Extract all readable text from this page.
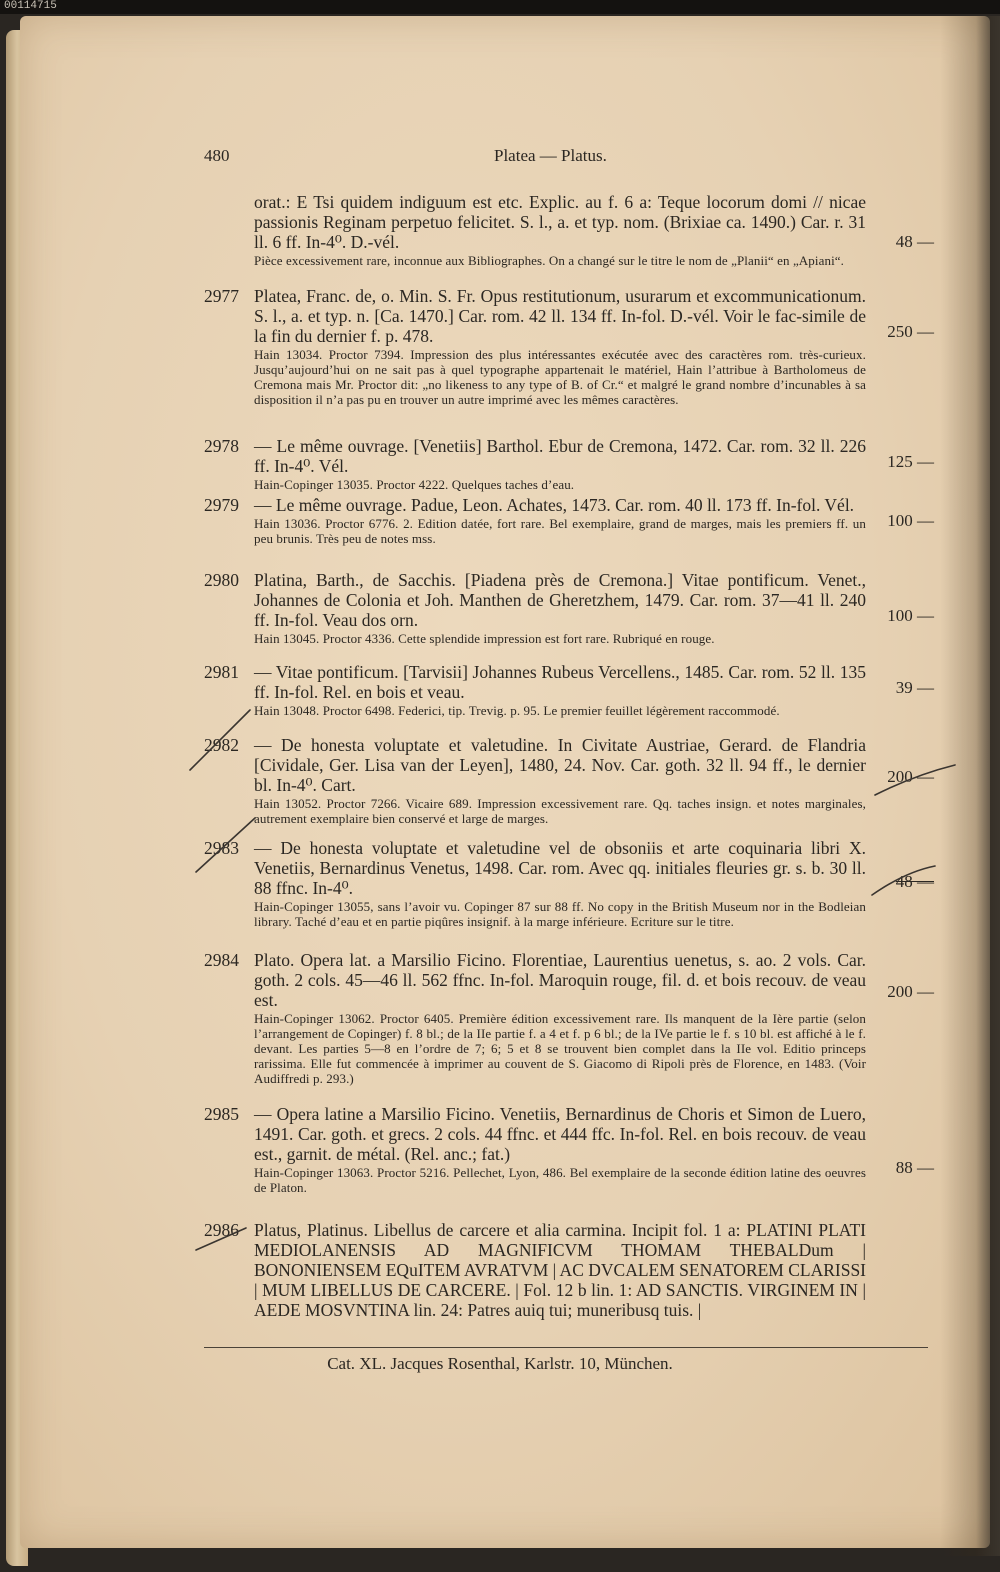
00114715
480	Platea — Platus.

orat.: E Tsi quidem indiguum est etc. Explic. au f. 6 a: Teque locorum domi // nicae passionis Reginam perpetuo felicitet. S. l., a. et typ. nom. (Brixiae ca. 1490.) Car. r. 31 ll. 6 ff. In-4⁰. D.-vél.

Pièce excessivement rare, inconnue aux Bibliographes. On a changé sur le titre le nom de „Planii“ en „Apiani“.

48 —
2977 Platea, Franc. de, o. Min. S. Fr. Opus restitutionum, usurarum et excommunicationum. S. l., a. et typ. n. [Ca. 1470.] Car. rom. 42 ll. 134 ff. In-fol. D.-vél. Voir le fac-simile de la fin du dernier f. p. 478.

Hain 13034. Proctor 7394. Impression des plus intéressantes exécutée avec des caractères rom. très-curieux. Jusqu’aujourd’hui on ne sait pas à quel typographe appartenait le matériel, Hain l’attribue à Bartholomeus de Cremona mais Mr. Proctor dit: „no likeness to any type of B. of Cr.“ et malgré le grand nombre d’incunables à sa disposition il n’a pas pu en trouver un autre imprimé avec les mêmes caractères.

250 —
2978 — Le même ouvrage. [Venetiis] Barthol. Ebur de Cremona, 1472. Car. rom. 32 ll. 226 ff. In-4⁰. Vél.

Hain-Copinger 13035. Proctor 4222. Quelques taches d’eau.

125 —
2979 — Le même ouvrage. Padue, Leon. Achates, 1473. Car. rom. 40 ll. 173 ff. In-fol. Vél.

Hain 13036. Proctor 6776. 2. Edition datée, fort rare. Bel exemplaire, grand de marges, mais les premiers ff. un peu brunis. Très peu de notes mss.

100 —
2980 Platina, Barth., de Sacchis. [Piadena près de Cremona.] Vitae pontificum. Venet., Johannes de Colonia et Joh. Manthen de Gheretzhem, 1479. Car. rom. 37—41 ll. 240 ff. In-fol. Veau dos orn.

Hain 13045. Proctor 4336. Cette splendide impression est fort rare. Rubriqué en rouge.

100 —
2981 — Vitae pontificum. [Tarvisii] Johannes Rubeus Vercellens., 1485. Car. rom. 52 ll. 135 ff. In-fol. Rel. en bois et veau.

Hain 13048. Proctor 6498. Federici, tip. Trevig. p. 95. Le premier feuillet légèrement raccommodé.

39 —
2982 — De honesta voluptate et valetudine. In Civitate Austriae, Gerard. de Flandria [Cividale, Ger. Lisa van der Leyen], 1480, 24. Nov. Car. goth. 32 ll. 94 ff., le dernier bl. In-4⁰. Cart.

Hain 13052. Proctor 7266. Vicaire 689. Impression excessivement rare. Qq. taches insign. et notes marginales, autrement exemplaire bien conservé et large de marges.

200 —
2983 — De honesta voluptate et valetudine vel de obsoniis et arte coquinaria libri X. Venetiis, Bernardinus Venetus, 1498. Car. rom. Avec qq. initiales fleuries gr. s. b. 30 ll. 88 ffnc. In-4⁰.

Hain-Copinger 13055, sans l’avoir vu. Copinger 87 sur 88 ff. No copy in the British Museum nor in the Bodleian library. Taché d’eau et en partie piqûres insignif. à la marge inférieure. Ecriture sur le titre.

48 —
2984 Plato. Opera lat. a Marsilio Ficino. Florentiae, Laurentius uenetus, s. ao. 2 vols. Car. goth. 2 cols. 45—46 ll. 562 ffnc. In-fol. Maroquin rouge, fil. d. et bois recouv. de veau est.

Hain-Copinger 13062. Proctor 6405. Première édition excessivement rare. Ils manquent de la Ière partie (selon l’arrangement de Copinger) f. 8 bl.; de la IIe partie f. a 4 et f. p 6 bl.; de la IVe partie le f. s 10 bl. est affiché à le f. devant. Les parties 5—8 en l’ordre de 7; 6; 5 et 8 se trouvent bien complet dans la IIe vol. Editio princeps rarissima. Elle fut commencée à imprimer au couvent de S. Giacomo di Ripoli près de Florence, en 1483. (Voir Audiffredi p. 293.)

200 —
2985 — Opera latine a Marsilio Ficino. Venetiis, Bernardinus de Choris et Simon de Luero, 1491. Car. goth. et grecs. 2 cols. 44 ffnc. et 444 ffc. In-fol. Rel. en bois recouv. de veau est., garnit. de métal. (Rel. anc.; fat.)

Hain-Copinger 13063. Proctor 5216. Pellechet, Lyon, 486. Bel exemplaire de la seconde édition latine des oeuvres de Platon.

88 —
2986 Platus, Platinus. Libellus de carcere et alia carmina. Incipit fol. 1 a: PLATINI PLATI MEDIOLANENSIS AD MAGNIFICVM THOMAM THEBALDum | BONONIENSEM EQuITEM AVRATVM | AC DVCALEM SENATOREM CLARISSI | MUM LIBELLUS DE CARCERE. | Fol. 12 b lin. 1: AD SANCTIS. VIRGINEM IN | AEDE MOSVNTINA lin. 24: Patres auiq tui; muneribusq tuis. |

Cat. XL. Jacques Rosenthal, Karlstr. 10, München.
